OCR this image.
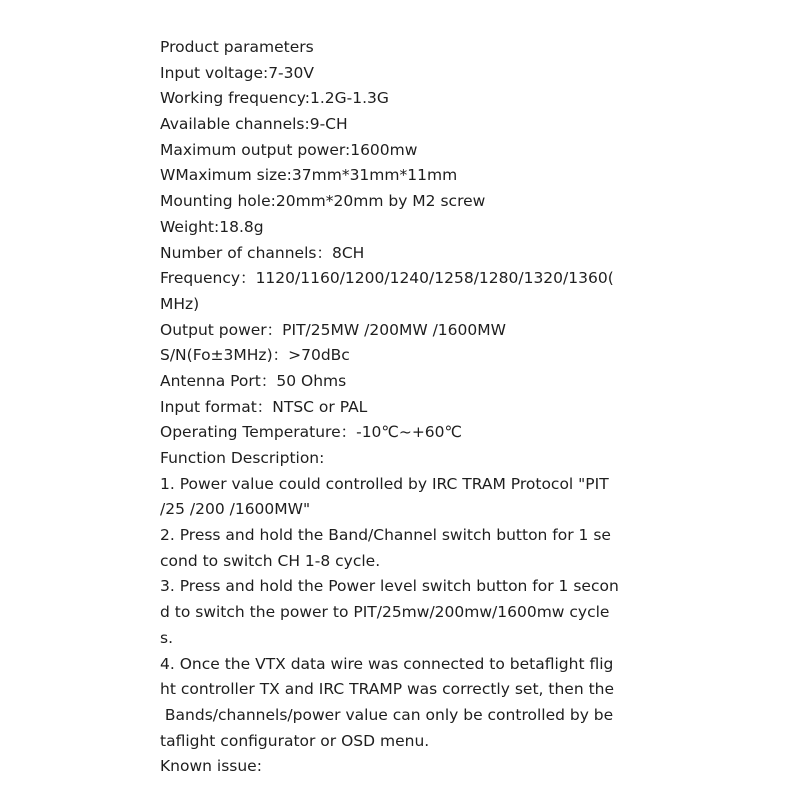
Product parameters
Input voltage:7-30V
Working frequency:1.2G-1.3G
Available channels:9-CH
Maximum output power:1600mw
WMaximum size:37mm*31mm*11mm
Mounting hole:20mm*20mm by M2 screw
Weight:18.8g
Number of channels：8CH
Frequency：1120/1160/1200/1240/1258/1280/1320/1360(
MHz)
Output power：PIT/25MW /200MW /1600MW
S/N(Fo±3MHz)：>70dBc
Antenna Port：50 Ohms
Input format：NTSC or PAL
Operating Temperature：-10℃~+60℃
Function Description:
1. Power value could controlled by IRC TRAM Protocol "PIT
/25 /200 /1600MW"
2. Press and hold the Band/Channel switch button for 1 se
cond to switch CH 1-8 cycle.
3. Press and hold the Power level switch button for 1 secon
d to switch the power to PIT/25mw/200mw/1600mw cycle
s.
4. Once the VTX data wire was connected to betaflight flig
ht controller TX and IRC TRAMP was correctly set, then the
Bands/channels/power value can only be controlled by be
taflight configurator or OSD menu.
Known issue:
